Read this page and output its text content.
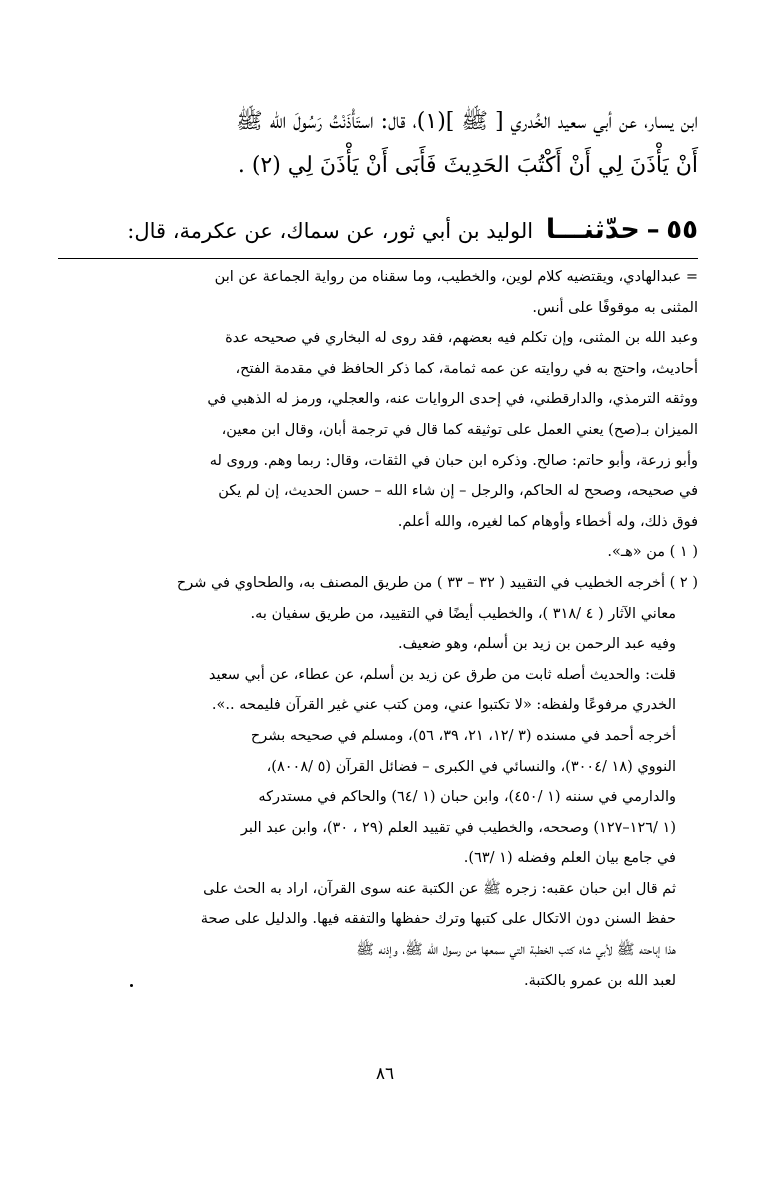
ابن يسار، عن أبي سعيد الخُدري [ ﷺ ](١)، قال: استَأْذَنْتُ رَسُولَ الله ﷺ

أَنْ يَأْذَنَ لِي أَنْ أَكْتُبَ الحَدِيثَ فَأَبَى أَنْ يَأْذَنَ لِي (٢) .

٥٥ – حدّثنـــا الوليد بن أبي ثور، عن سماك، عن عكرمة، قال:

= عبدالهادي، ويقتضيه كلام لوين، والخطيب، وما سقناه من رواية الجماعة عن ابن

المثنى به موقوفًا على أنس.

وعبد الله بن المثنى، وإن تكلم فيه بعضهم، فقد روى له البخاري في صحيحه عدة

أحاديث، واحتج به في روايته عن عمه ثمامة، كما ذكر الحافظ في مقدمة الفتح،

ووثقه الترمذي، والدارقطني، في إحدى الروايات عنه، والعجلي، ورمز له الذهبي في

الميزان بـ(صح) يعني العمل على توثيقه كما قال في ترجمة أبان، وقال ابن معين،

وأبو زرعة، وأبو حاتم: صالح. وذكره ابن حبان في الثقات، وقال: ربما وهم. وروى له

في صحيحه، وصحح له الحاكم، والرجل – إن شاء الله – حسن الحديث، إن لم يكن

فوق ذلك، وله أخطاء وأوهام كما لغيره، والله أعلم.

( ١ ) من «هـ».

( ٢ ) أخرجه الخطيب في التقييد ( ٣٢ – ٣٣ ) من طريق المصنف به، والطحاوي في شرح

معاني الآثار ( ٤ /٣١٨ )، والخطيب أيضًا في التقييد، من طريق سفيان به.

وفيه عبد الرحمن بن زيد بن أسلم، وهو ضعيف.

قلت: والحديث أصله ثابت من طرق عن زيد بن أسلم، عن عطاء، عن أبي سعيد

الخدري مرفوعًا ولفظه: «لا تكتبوا عني، ومن كتب عني غير القرآن فليمحه ..».

أخرجه أحمد في مسنده (٣ /١٢، ٢١، ٣٩، ٥٦)، ومسلم في صحيحه بشرح

النووي (١٨ /٣٠٠٤)، والنسائي في الكبرى – فضائل القرآن (٥ /٨٠٠٨)،

والدارمي في سننه (١ /٤٥٠)، وابن حبان (١ /٦٤) والحاكم في مستدركه

(١ /١٢٦–١٢٧) وصححه، والخطيب في تقييد العلم (٢٩ ، ٣٠)، وابن عبد البر

في جامع بيان العلم وفضله (١ /٦٣).

ثم قال ابن حبان عقبه: زجره ﷺ عن الكتبة عنه سوى القرآن، اراد به الحث على

حفظ السنن دون الاتكال على كتبها وترك حفظها والتفقه فيها. والدليل على صحة

هذا إباحته ﷺ لأبي شاه كتب الخطبة التي سمعها من رسول الله ﷺ، وإذنه ﷺ

لعبد الله بن عمرو بالكتبة.

٨٦
